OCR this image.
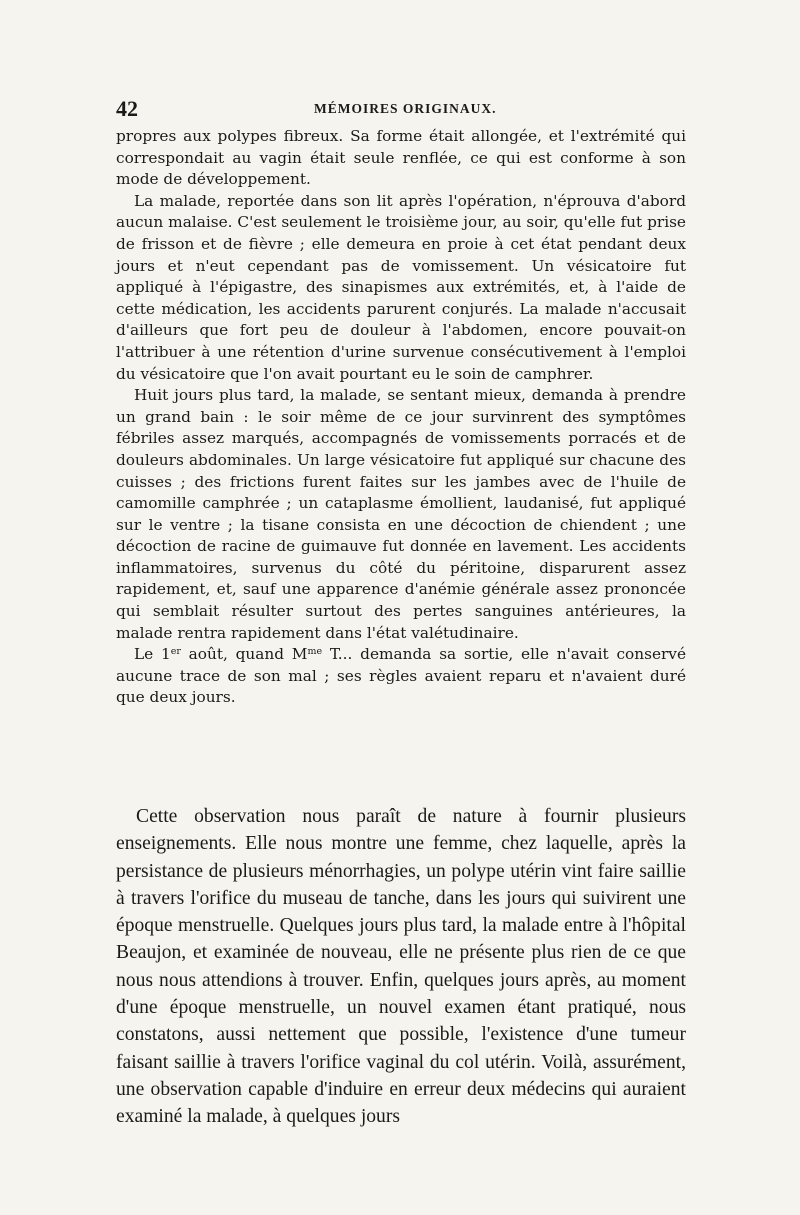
42	MÉMOIRES ORIGINAUX.

propres aux polypes fibreux. Sa forme était allongée, et l'extrémité qui correspondait au vagin était seule renflée, ce qui est conforme à son mode de développement.

La malade, reportée dans son lit après l'opération, n'éprouva d'abord aucun malaise. C'est seulement le troisième jour, au soir, qu'elle fut prise de frisson et de fièvre ; elle demeura en proie à cet état pendant deux jours et n'eut cependant pas de vomissement. Un vésicatoire fut appliqué à l'épigastre, des sinapismes aux extrémités, et, à l'aide de cette médication, les accidents parurent conjurés. La malade n'accusait d'ailleurs que fort peu de douleur à l'abdomen, encore pouvait-on l'attribuer à une rétention d'urine survenue consécutivement à l'emploi du vésicatoire que l'on avait pourtant eu le soin de camphrer.

Huit jours plus tard, la malade, se sentant mieux, demanda à prendre un grand bain : le soir même de ce jour survinrent des symptômes fébriles assez marqués, accompagnés de vomissements porracés et de douleurs abdominales. Un large vésicatoire fut appliqué sur chacune des cuisses ; des frictions furent faites sur les jambes avec de l'huile de camomille camphrée ; un cataplasme émollient, laudanisé, fut appliqué sur le ventre ; la tisane consista en une décoction de chiendent ; une décoction de racine de guimauve fut donnée en lavement. Les accidents inflammatoires, survenus du côté du péritoine, disparurent assez rapidement, et, sauf une apparence d'anémie générale assez prononcée qui semblait résulter surtout des pertes sanguines antérieures, la malade rentra rapidement dans l'état valétudinaire.

Le 1er août, quand $M^{me}$ T... demanda sa sortie, elle n'avait conservé aucune trace de son mal ; ses règles avaient reparu et n'avaient duré que deux jours.

Cette observation nous paraît de nature à fournir plusieurs enseignements. Elle nous montre une femme, chez laquelle, après la persistance de plusieurs ménorrhagies, un polype utérin vint faire saillie à travers l'orifice du museau de tanche, dans les jours qui suivirent une époque menstruelle. Quelques jours plus tard, la malade entre à l'hôpital Beaujon, et examinée de nouveau, elle ne présente plus rien de ce que nous nous attendions à trouver. Enfin, quelques jours après, au moment d'une époque menstruelle, un nouvel examen étant pratiqué, nous constatons, aussi nettement que possible, l'existence d'une tumeur faisant saillie à travers l'orifice vaginal du col utérin. Voilà, assurément, une observation capable d'induire en erreur deux médecins qui auraient examiné la malade, à quelques jours
